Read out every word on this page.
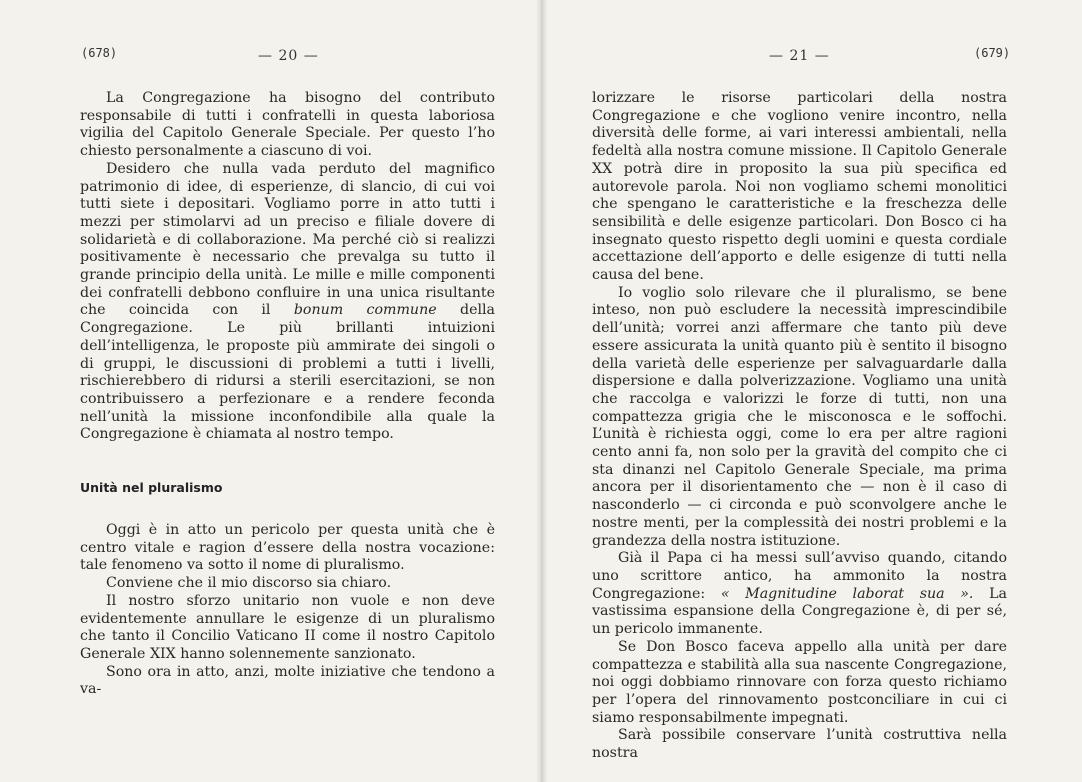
(678)	— 20 —

La Congregazione ha bisogno del contributo responsabile di tutti i confratelli in questa laboriosa vigilia del Capitolo Generale Speciale. Per questo l’ho chiesto personalmente a ciascuno di voi.

Desidero che nulla vada perduto del magnifico patrimonio di idee, di esperienze, di slancio, di cui voi tutti siete i depositari. Vogliamo porre in atto tutti i mezzi per stimolarvi ad un preciso e filiale dovere di solidarietà e di collaborazione. Ma perché ciò si realizzi positivamente è necessario che prevalga su tutto il grande principio della unità. Le mille e mille componenti dei confratelli debbono confluire in una unica risultante che coincida con il bonum commune della Congregazione. Le più brillanti intuizioni dell’intelligenza, le proposte più ammirate dei singoli o di gruppi, le discussioni di problemi a tutti i livelli, rischierebbero di ridursi a sterili esercitazioni, se non contribuissero a perfezionare e a rendere feconda nell’unità la missione inconfondibile alla quale la Congregazione è chiamata al nostro tempo.

Unità nel pluralismo

Oggi è in atto un pericolo per questa unità che è centro vitale e ragion d’essere della nostra vocazione: tale fenomeno va sotto il nome di pluralismo.

Conviene che il mio discorso sia chiaro.

Il nostro sforzo unitario non vuole e non deve evidentemente annullare le esigenze di un pluralismo che tanto il Concilio Vaticano II come il nostro Capitolo Generale XIX hanno solennemente sanzionato.

Sono ora in atto, anzi, molte iniziative che tendono a va-

— 21 —	(679)

lorizzare le risorse particolari della nostra Congregazione e che vogliono venire incontro, nella diversità delle forme, ai vari interessi ambientali, nella fedeltà alla nostra comune missione. Il Capitolo Generale XX potrà dire in proposito la sua più specifica ed autorevole parola. Noi non vogliamo schemi monolitici che spengano le caratteristiche e la freschezza delle sensibilità e delle esigenze particolari. Don Bosco ci ha insegnato questo rispetto degli uomini e questa cordiale accettazione dell’apporto e delle esigenze di tutti nella causa del bene.

Io voglio solo rilevare che il pluralismo, se bene inteso, non può escludere la necessità imprescindibile dell’unità; vorrei anzi affermare che tanto più deve essere assicurata la unità quanto più è sentito il bisogno della varietà delle esperienze per salvaguardarle dalla dispersione e dalla polverizzazione. Vogliamo una unità che raccolga e valorizzi le forze di tutti, non una compattezza grigia che le misconosca e le soffochi. L’unità è richiesta oggi, come lo era per altre ragioni cento anni fa, non solo per la gravità del compito che ci sta dinanzi nel Capitolo Generale Speciale, ma prima ancora per il disorientamento che — non è il caso di nasconderlo — ci circonda e può sconvolgere anche le nostre menti, per la complessità dei nostri problemi e la grandezza della nostra istituzione.

Già il Papa ci ha messi sull’avviso quando, citando uno scrittore antico, ha ammonito la nostra Congregazione: « Magnitudine laborat sua ». La vastissima espansione della Congregazione è, di per sé, un pericolo immanente.

Se Don Bosco faceva appello alla unità per dare compattezza e stabilità alla sua nascente Congregazione, noi oggi dobbiamo rinnovare con forza questo richiamo per l’opera del rinnovamento postconciliare in cui ci siamo responsabilmente impegnati.

Sarà possibile conservare l’unità costruttiva nella nostra
